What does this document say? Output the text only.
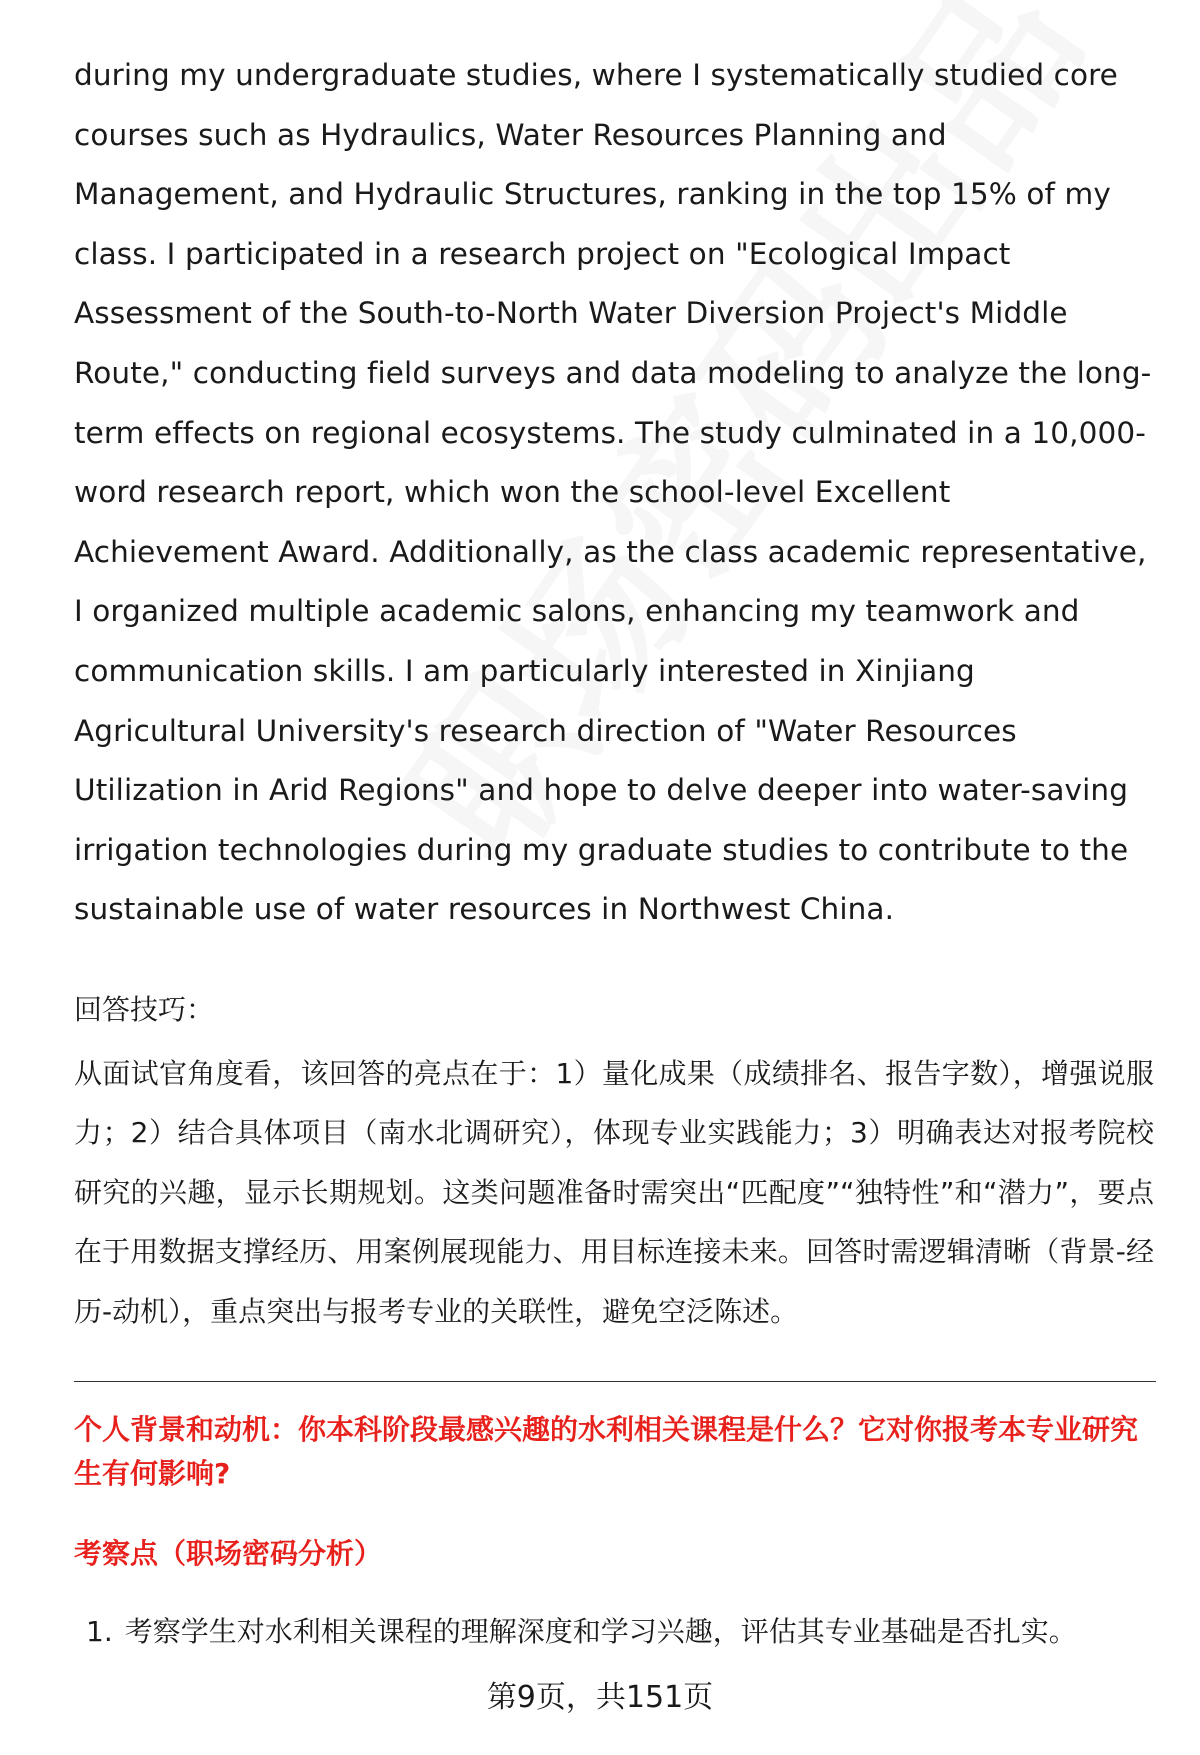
during my undergraduate studies, where I systematically studied core courses such as Hydraulics, Water Resources Planning and Management, and Hydraulic Structures, ranking in the top 15% of my class. I participated in a research project on "Ecological Impact Assessment of the South-to-North Water Diversion Project's Middle Route," conducting field surveys and data modeling to analyze the long-term effects on regional ecosystems. The study culminated in a 10,000-word research report, which won the school-level Excellent Achievement Award. Additionally, as the class academic representative, I organized multiple academic salons, enhancing my teamwork and communication skills. I am particularly interested in Xinjiang Agricultural University's research direction of "Water Resources Utilization in Arid Regions" and hope to delve deeper into water-saving irrigation technologies during my graduate studies to contribute to the sustainable use of water resources in Northwest China.

回答技巧：

从面试官角度看，该回答的亮点在于：1）量化成果（成绩排名、报告字数），增强说服力；2）结合具体项目（南水北调研究），体现专业实践能力；3）明确表达对报考院校研究的兴趣，显示长期规划。这类问题准备时需突出“匹配度”“独特性”和“潜力”，要点在于用数据支撑经历、用案例展现能力、用目标连接未来。回答时需逻辑清晰（背景-经历-动机），重点突出与报考专业的关联性，避免空泛陈述。

个人背景和动机：你本科阶段最感兴趣的水利相关课程是什么？它对你报考本专业研究生有何影响?

考察点（职场密码分析）
1. 考察学生对水利相关课程的理解深度和学习兴趣，评估其专业基础是否扎实。
第9页，共151页
